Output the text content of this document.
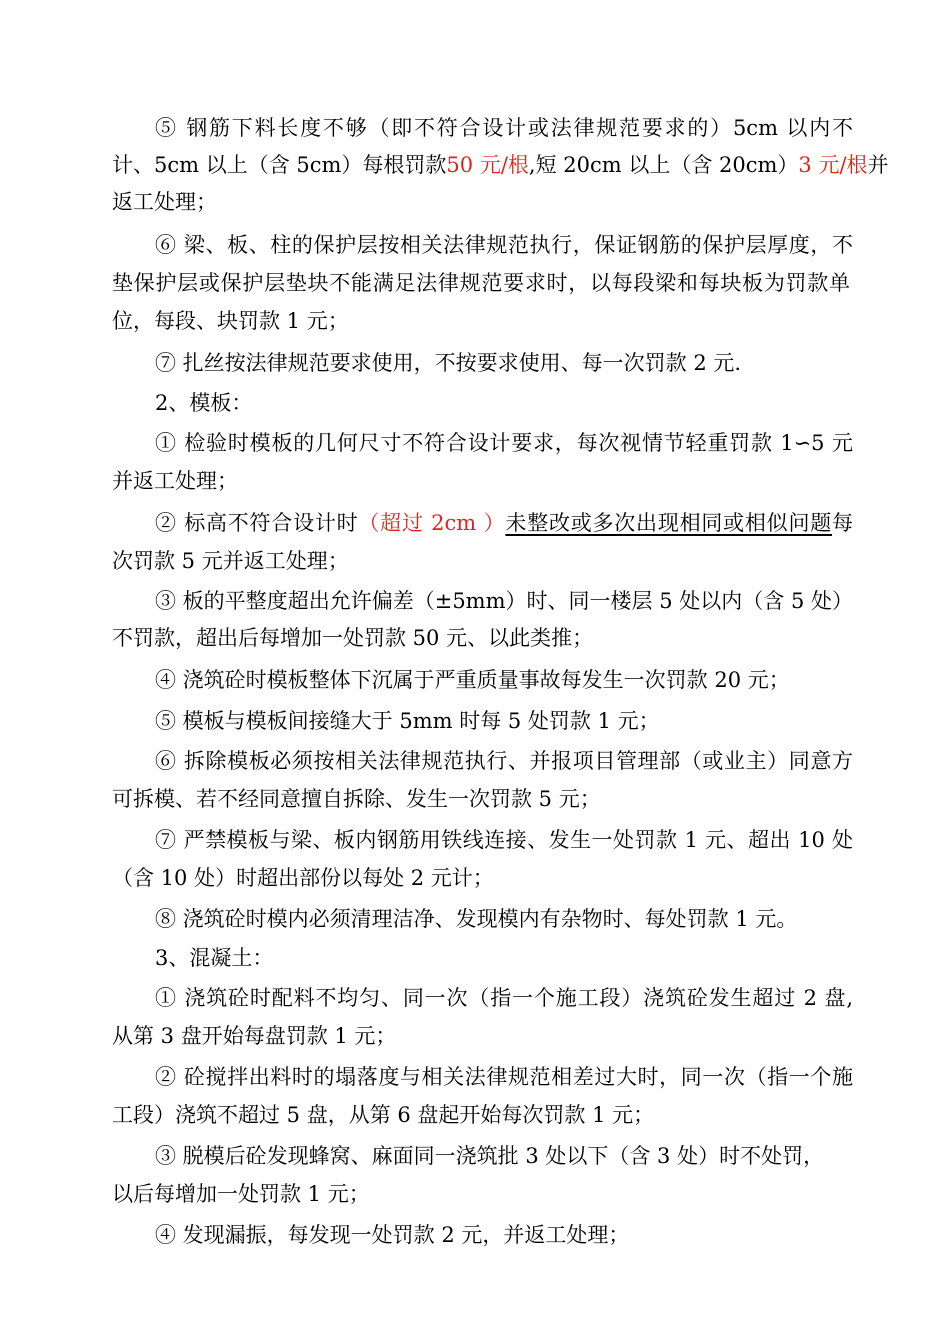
⑤ 钢筋下料长度不够（即不符合设计或法律规范要求的）5cm 以内不
计、5cm 以上（含 5cm）每根罚款50 元/根,短 20cm 以上（含 20cm）3 元/根并
返工处理；
⑥ 梁、板、柱的保护层按相关法律规范执行，保证钢筋的保护层厚度，不
垫保护层或保护层垫块不能满足法律规范要求时，以每段梁和每块板为罚款单
位，每段、块罚款 1 元；
⑦ 扎丝按法律规范要求使用，不按要求使用、每一次罚款 2 元.
2、模板：
① 检验时模板的几何尺寸不符合设计要求，每次视情节轻重罚款 1∽5 元
并返工处理；
② 标高不符合设计时（超过 2cm ）未整改或多次出现相同或相似问题每
次罚款 5 元并返工处理；
③ 板的平整度超出允许偏差（±5mm）时、同一楼层 5 处以内（含 5 处）
不罚款，超出后每增加一处罚款 50 元、以此类推；
④ 浇筑砼时模板整体下沉属于严重质量事故每发生一次罚款 20 元；
⑤ 模板与模板间接缝大于 5mm 时每 5 处罚款 1 元；
⑥ 拆除模板必须按相关法律规范执行、并报项目管理部（或业主）同意方
可拆模、若不经同意擅自拆除、发生一次罚款 5 元；
⑦ 严禁模板与梁、板内钢筋用铁线连接、发生一处罚款 1 元、超出 10 处
（含 10 处）时超出部份以每处 2 元计；
⑧ 浇筑砼时模内必须清理洁净、发现模内有杂物时、每处罚款 1 元。
3、混凝土：
① 浇筑砼时配料不均匀、同一次（指一个施工段）浇筑砼发生超过 2 盘,
从第 3 盘开始每盘罚款 1 元；
② 砼搅拌出料时的塌落度与相关法律规范相差过大时，同一次（指一个施
工段）浇筑不超过 5 盘，从第 6 盘起开始每次罚款 1 元；
③ 脱模后砼发现蜂窝、麻面同一浇筑批 3 处以下（含 3 处）时不处罚，
以后每增加一处罚款 1 元；
④ 发现漏振，每发现一处罚款 2 元，并返工处理；
